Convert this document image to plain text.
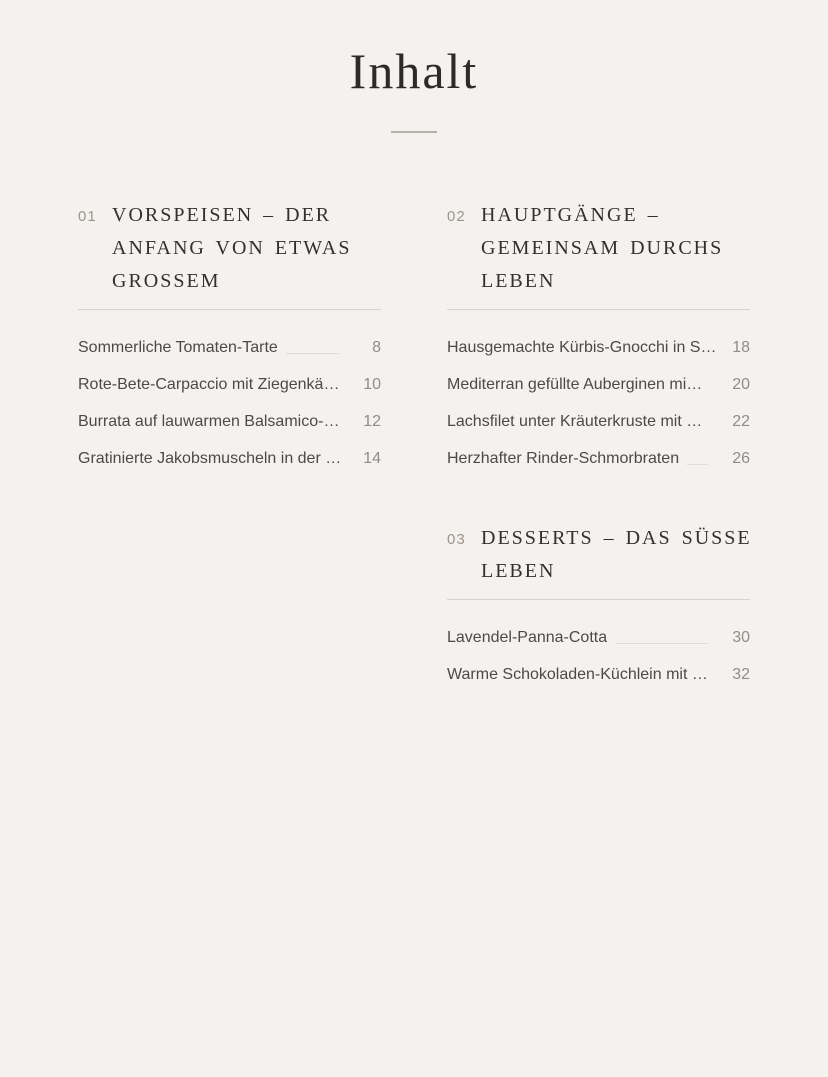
Inhalt
01 VORSPEISEN – DER
ANFANG VON ETWAS
GROSSEM
Sommerliche Tomaten-Tarte	8
Rote-Bete-Carpaccio mit Ziegenkä…	10
Burrata auf lauwarmen Balsamico-…	12
Gratinierte Jakobsmuscheln in der …	14
02 HAUPTGÄNGE –
GEMEINSAM DURCHS
LEBEN
Hausgemachte Kürbis-Gnocchi in S… 18
Mediterran gefüllte Auberginen mi…	20
Lachsfilet unter Kräuterkruste mit …	22
Herzhafter Rinder-Schmorbraten	26
03 DESSERTS – DAS SÜSSE
LEBEN
Lavendel-Panna-Cotta	30
Warme Schokoladen-Küchlein mit …	32
